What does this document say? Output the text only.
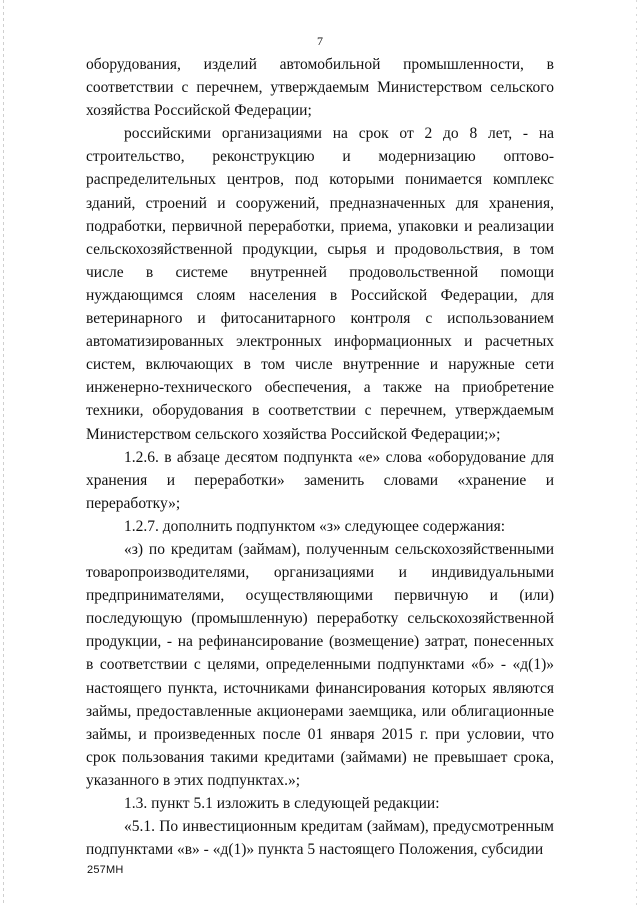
7

оборудования, изделий автомобильной промышленности, в соответствии с перечнем, утверждаемым Министерством сельского хозяйства Российской Федерации;

российскими организациями на срок от 2 до 8 лет, - на строительство, реконструкцию и модернизацию оптово-распределительных центров, под которыми понимается комплекс зданий, строений и сооружений, предназначенных для хранения, подработки, первичной переработки, приема, упаковки и реализации сельскохозяйственной продукции, сырья и продовольствия, в том числе в системе внутренней продовольственной помощи нуждающимся слоям населения в Российской Федерации, для ветеринарного и фитосанитарного контроля с использованием автоматизированных электронных информационных и расчетных систем, включающих в том числе внутренние и наружные сети инженерно-технического обеспечения, а также на приобретение техники, оборудования в соответствии с перечнем, утверждаемым Министерством сельского хозяйства Российской Федерации;»;

1.2.6. в абзаце десятом подпункта «е» слова «оборудование для хранения и переработки» заменить словами «хранение и переработку»;

1.2.7. дополнить подпунктом «з» следующее содержания:

«з) по кредитам (займам), полученным сельскохозяйственными товаропроизводителями, организациями и индивидуальными предпринимателями, осуществляющими первичную и (или) последующую (промышленную) переработку сельскохозяйственной продукции, - на рефинансирование (возмещение) затрат, понесенных в соответствии с целями, определенными подпунктами «б» - «д(1)» настоящего пункта, источниками финансирования которых являются займы, предоставленные акционерами заемщика, или облигационные займы, и произведенных после 01 января 2015 г. при условии, что срок пользования такими кредитами (займами) не превышает срока, указанного в этих подпунктах.»;

1.3. пункт 5.1 изложить в следующей редакции:

«5.1. По инвестиционным кредитам (займам), предусмотренным подпунктами «в» - «д(1)» пункта 5 настоящего Положения, субсидии

257МН
